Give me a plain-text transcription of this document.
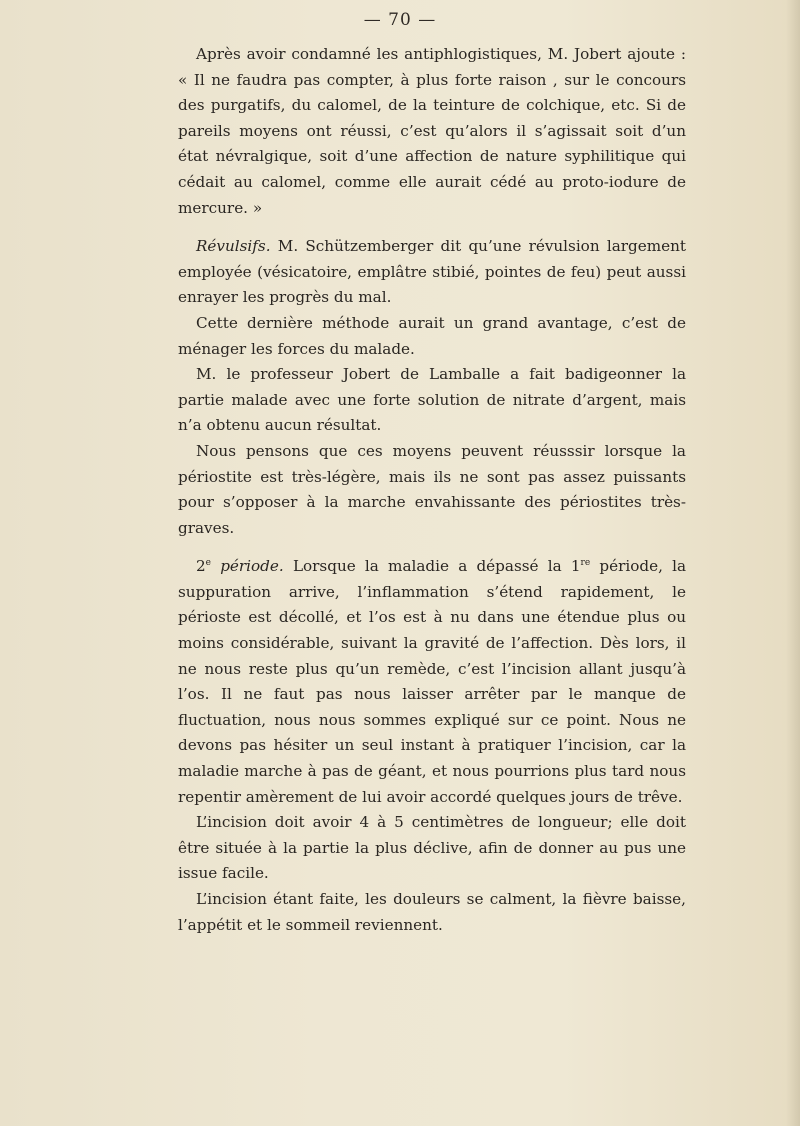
— 70 —

Après avoir condamné les antiphlogistiques, M. Jobert ajoute : « Il ne faudra pas compter, à plus forte raison , sur le concours des purgatifs, du calomel, de la teinture de colchique, etc. Si de pareils moyens ont réussi, c’est qu’alors il s’agissait soit d’un état névralgique, soit d’une affection de nature syphilitique qui cédait au calomel, comme elle aurait cédé au proto-iodure de mercure. »

Révulsifs. M. Schützemberger dit qu’une révulsion largement employée (vésicatoire, emplâtre stibié, pointes de feu) peut aussi enrayer les progrès du mal.

Cette dernière méthode aurait un grand avantage, c’est de ménager les forces du malade.

M. le professeur Jobert de Lamballe a fait badigeonner la partie malade avec une forte solution de nitrate d’argent, mais n’a obtenu aucun résultat.

Nous pensons que ces moyens peuvent réusssir lorsque la périostite est très-légère, mais ils ne sont pas assez puissants pour s’opposer à la marche envahissante des périostites très-graves.

2e période. Lorsque la maladie a dépassé la 1re période, la suppuration arrive, l’inflammation s’étend rapidement, le périoste est décollé, et l’os est à nu dans une étendue plus ou moins considérable, suivant la gravité de l’affection. Dès lors, il ne nous reste plus qu’un remède, c’est l’incision allant jusqu’à l’os. Il ne faut pas nous laisser arrêter par le manque de fluctuation, nous nous sommes expliqué sur ce point. Nous ne devons pas hésiter un seul instant à pratiquer l’incision, car la maladie marche à pas de géant, et nous pourrions plus tard nous repentir amèrement de lui avoir accordé quelques jours de trêve.

L’incision doit avoir 4 à 5 centimètres de longueur; elle doit être située à la partie la plus déclive, afin de donner au pus une issue facile.

L’incision étant faite, les douleurs se calment, la fièvre baisse, l’appétit et le sommeil reviennent.
